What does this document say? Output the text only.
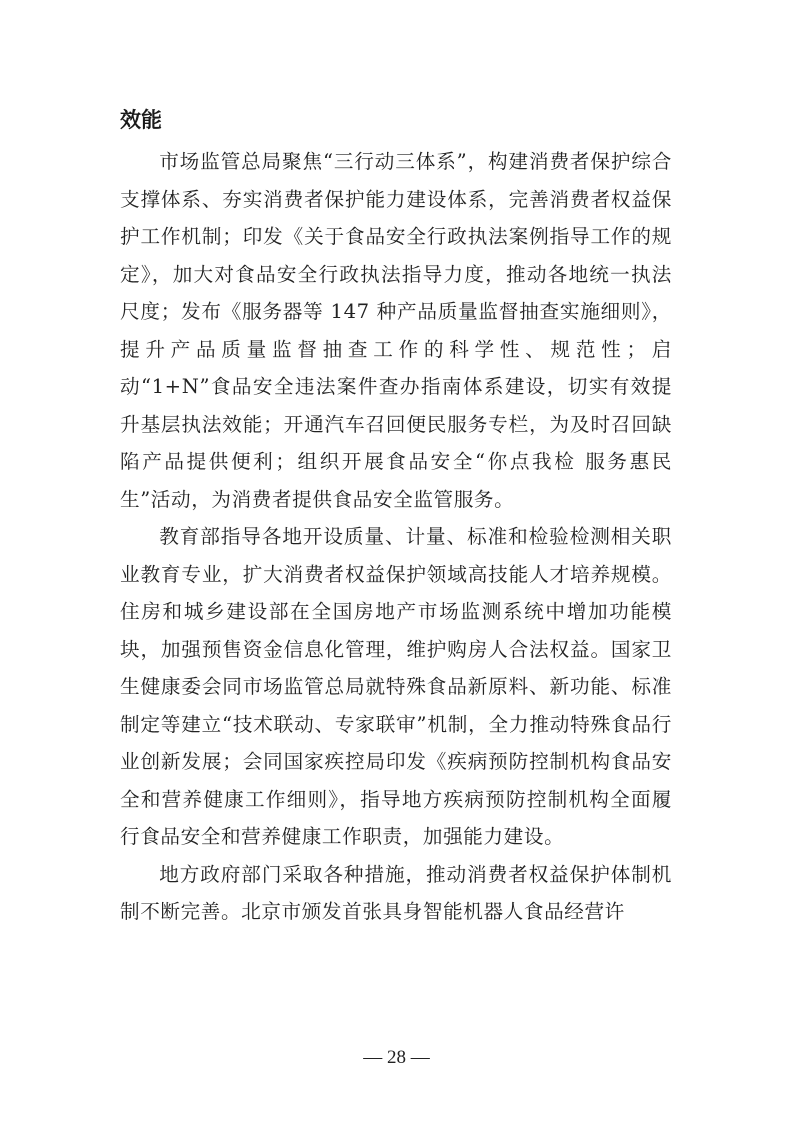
效能

市场监管总局聚焦“三行动三体系”，构建消费者保护综合支撑体系、夯实消费者保护能力建设体系，完善消费者权益保护工作机制；印发《关于食品安全行政执法案例指导工作的规定》，加大对食品安全行政执法指导力度，推动各地统一执法尺度；发布《服务器等 147 种产品质量监督抽查实施细则》，提升产品质量监督抽查工作的科学性、规范性；启动“1+N”食品安全违法案件查办指南体系建设，切实有效提升基层执法效能；开通汽车召回便民服务专栏，为及时召回缺陷产品提供便利；组织开展食品安全“你点我检 服务惠民生”活动，为消费者提供食品安全监管服务。

教育部指导各地开设质量、计量、标准和检验检测相关职业教育专业，扩大消费者权益保护领域高技能人才培养规模。住房和城乡建设部在全国房地产市场监测系统中增加功能模块，加强预售资金信息化管理，维护购房人合法权益。国家卫生健康委会同市场监管总局就特殊食品新原料、新功能、标准制定等建立“技术联动、专家联审”机制，全力推动特殊食品行业创新发展；会同国家疾控局印发《疾病预防控制机构食品安全和营养健康工作细则》，指导地方疾病预防控制机构全面履行食品安全和营养健康工作职责，加强能力建设。

地方政府部门采取各种措施，推动消费者权益保护体制机制不断完善。北京市颁发首张具身智能机器人食品经营许

— 28 —
